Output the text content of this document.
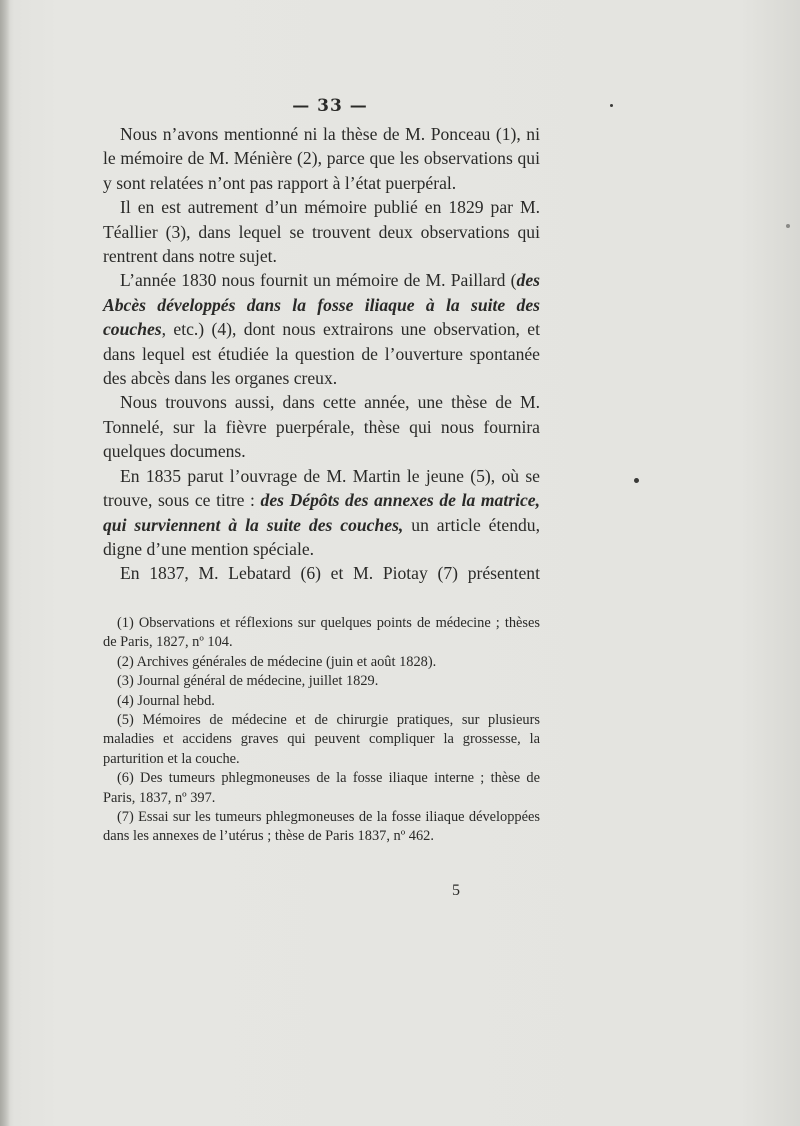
— 33 —

Nous n’avons mentionné ni la thèse de M. Ponceau (1), ni le mémoire de M. Ménière (2), parce que les observations qui y sont relatées n’ont pas rapport à l’état puerpéral.

Il en est autrement d’un mémoire publié en 1829 par M. Téallier (3), dans lequel se trouvent deux observations qui rentrent dans notre sujet.

L’année 1830 nous fournit un mémoire de M. Paillard (des Abcès développés dans la fosse iliaque à la suite des couches, etc.) (4), dont nous extrairons une observation, et dans lequel est étudiée la question de l’ouverture spontanée des abcès dans les organes creux.

Nous trouvons aussi, dans cette année, une thèse de M. Tonnelé, sur la fièvre puerpérale, thèse qui nous fournira quelques documens.

En 1835 parut l’ouvrage de M. Martin le jeune (5), où se trouve, sous ce titre : des Dépôts des annexes de la matrice, qui surviennent à la suite des couches, un article étendu, digne d’une mention spéciale.

En 1837, M. Lebatard (6) et M. Piotay (7) présentent

(1) Observations et réflexions sur quelques points de médecine ; thèses de Paris, 1827, nº 104.

(2) Archives générales de médecine (juin et août 1828).

(3) Journal général de médecine, juillet 1829.

(4) Journal hebd.

(5) Mémoires de médecine et de chirurgie pratiques, sur plusieurs maladies et accidens graves qui peuvent compliquer la grossesse, la parturition et la couche.

(6) Des tumeurs phlegmoneuses de la fosse iliaque interne ; thèse de Paris, 1837, nº 397.

(7) Essai sur les tumeurs phlegmoneuses de la fosse iliaque développées dans les annexes de l’utérus ; thèse de Paris 1837, nº 462.

5
